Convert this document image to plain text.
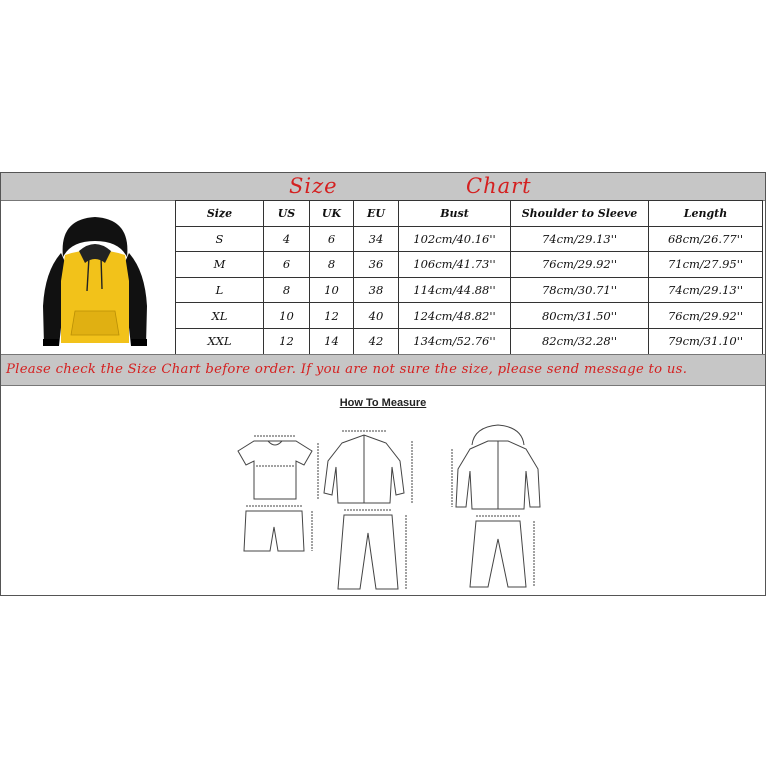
Size	Chart
Size	US	UK	EU	Bust	Shoulder to Sleeve	Length
S	4	6	34	102cm/40.16''	74cm/29.13''	68cm/26.77''
M	6	8	36	106cm/41.73''	76cm/29.92''	71cm/27.95''
L	8	10	38	114cm/44.88''	78cm/30.71''	74cm/29.13''
XL	10	12	40	124cm/48.82''	80cm/31.50''	76cm/29.92''
XXL	12	14	42	134cm/52.76''	82cm/32.28''	79cm/31.10''
Please check the Size Chart before order. If you are not sure the size, please send message to us.
How To Measure
